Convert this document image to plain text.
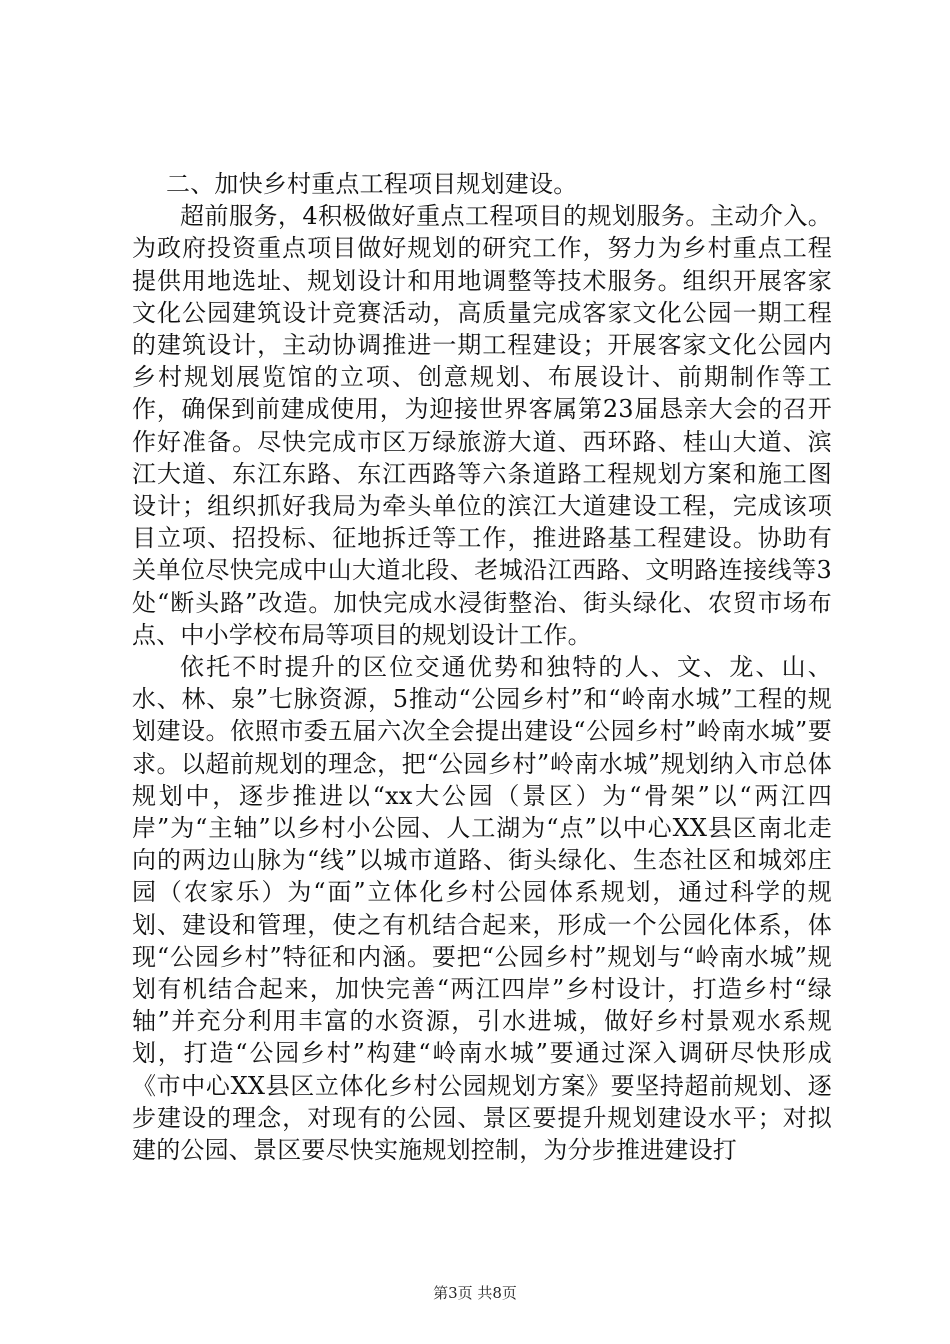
二、加快乡村重点工程项目规划建设。

超前服务，4积极做好重点工程项目的规划服务。主动介入。为政府投资重点项目做好规划的研究工作，努力为乡村重点工程提供用地选址、规划设计和用地调整等技术服务。组织开展客家文化公园建筑设计竞赛活动，高质量完成客家文化公园一期工程的建筑设计，主动协调推进一期工程建设；开展客家文化公园内乡村规划展览馆的立项、创意规划、布展设计、前期制作等工作，确保到前建成使用，为迎接世界客属第23届恳亲大会的召开作好准备。尽快完成市区万绿旅游大道、西环路、桂山大道、滨江大道、东江东路、东江西路等六条道路工程规划方案和施工图设计；组织抓好我局为牵头单位的滨江大道建设工程，完成该项目立项、招投标、征地拆迁等工作，推进路基工程建设。协助有关单位尽快完成中山大道北段、老城沿江西路、文明路连接线等3处“断头路”改造。加快完成水浸街整治、街头绿化、农贸市场布点、中小学校布局等项目的规划设计工作。

依托不时提升的区位交通优势和独特的人、文、龙、山、水、林、泉”七脉资源，5推动“公园乡村”和“岭南水城”工程的规划建设。依照市委五届六次全会提出建设“公园乡村”岭南水城”要求。以超前规划的理念，把“公园乡村”岭南水城”规划纳入市总体规划中，逐步推进以“xx大公园（景区）为“骨架”以“两江四岸”为“主轴”以乡村小公园、人工湖为“点”以中心XX县区南北走向的两边山脉为“线”以城市道路、街头绿化、生态社区和城郊庄园（农家乐）为“面”立体化乡村公园体系规划，通过科学的规划、建设和管理，使之有机结合起来，形成一个公园化体系，体现“公园乡村”特征和内涵。要把“公园乡村”规划与“岭南水城”规划有机结合起来，加快完善“两江四岸”乡村设计，打造乡村“绿轴”并充分利用丰富的水资源，引水进城，做好乡村景观水系规划，打造“公园乡村”构建“岭南水城”要通过深入调研尽快形成《市中心XX县区立体化乡村公园规划方案》要坚持超前规划、逐步建设的理念，对现有的公园、景区要提升规划建设水平；对拟建的公园、景区要尽快实施规划控制，为分步推进建设打

第3页 共8页
